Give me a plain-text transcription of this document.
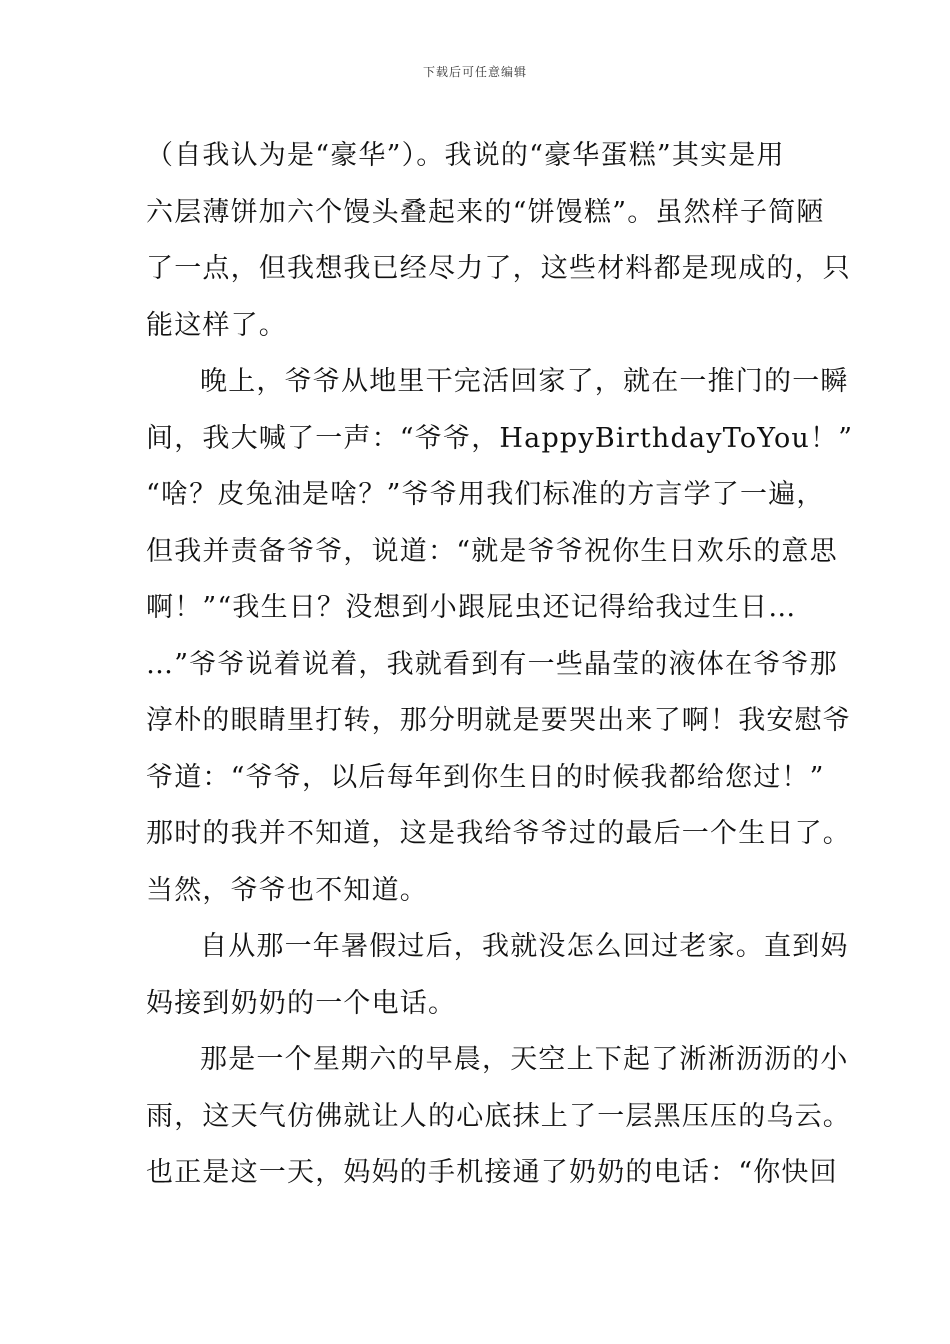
下载后可任意编辑
（自我认为是“豪华”）。我说的“豪华蛋糕”其实是用
六层薄饼加六个馒头叠起来的“饼馒糕”。虽然样子简陋
了一点，但我想我已经尽力了，这些材料都是现成的，只
能这样了。
晚上，爷爷从地里干完活回家了，就在一推门的一瞬
间，我大喊了一声：“爷爷，HappyBirthdayToYou！”
“啥？皮兔油是啥？”爷爷用我们标准的方言学了一遍，
但我并责备爷爷，说道：“就是爷爷祝你生日欢乐的意思
啊！”“我生日？没想到小跟屁虫还记得给我过生日…
…”爷爷说着说着，我就看到有一些晶莹的液体在爷爷那
淳朴的眼睛里打转，那分明就是要哭出来了啊！我安慰爷
爷道：“爷爷，以后每年到你生日的时候我都给您过！”
那时的我并不知道，这是我给爷爷过的最后一个生日了。
当然，爷爷也不知道。
自从那一年暑假过后，我就没怎么回过老家。直到妈
妈接到奶奶的一个电话。
那是一个星期六的早晨，天空上下起了淅淅沥沥的小
雨，这天气仿佛就让人的心底抹上了一层黑压压的乌云。
也正是这一天，妈妈的手机接通了奶奶的电话：“你快回
